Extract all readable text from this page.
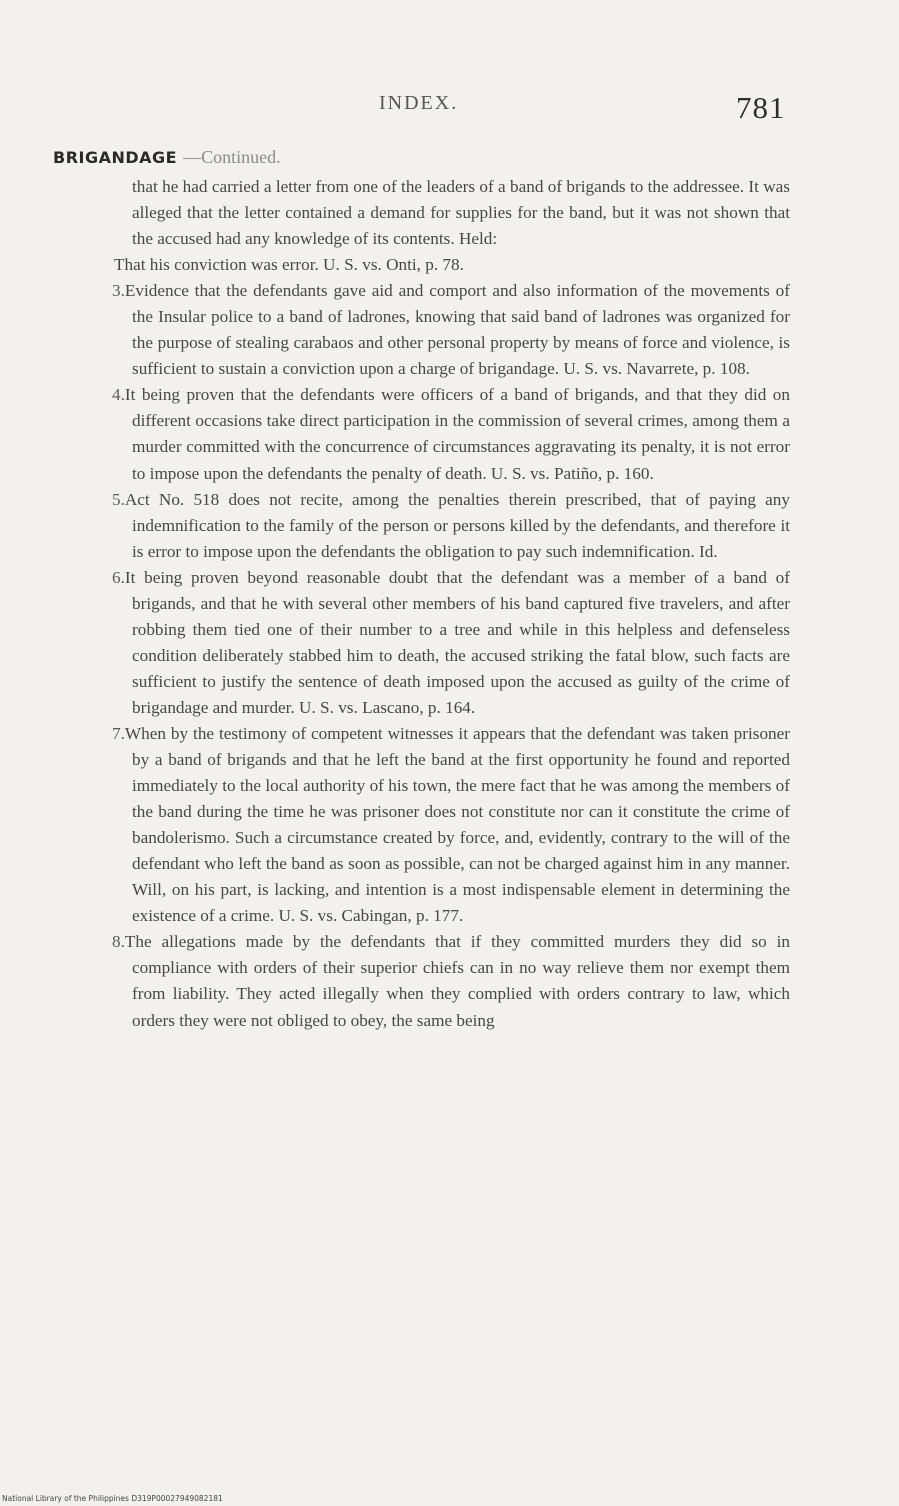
INDEX.	781
BRIGANDAGE —Continued.

that he had carried a letter from one of the leaders of a band of brigands to the addressee. It was alleged that the letter contained a demand for supplies for the band, but it was not shown that the accused had any knowledge of its contents. Held:

That his conviction was error. U. S. vs. Onti, p. 78.

3.Evidence that the defendants gave aid and comport and also information of the movements of the Insular police to a band of ladrones, knowing that said band of ladrones was organized for the purpose of stealing carabaos and other personal property by means of force and violence, is sufficient to sustain a conviction upon a charge of brigandage. U. S. vs. Navarrete, p. 108.

4.It being proven that the defendants were officers of a band of brigands, and that they did on different occasions take direct participation in the commission of several crimes, among them a murder committed with the concurrence of circumstances aggravating its penalty, it is not error to impose upon the defendants the penalty of death. U. S. vs. Patiño, p. 160.

5.Act No. 518 does not recite, among the penalties therein prescribed, that of paying any indemnification to the family of the person or persons killed by the defendants, and therefore it is error to impose upon the defendants the obligation to pay such indemnification. Id.

6.It being proven beyond reasonable doubt that the defendant was a member of a band of brigands, and that he with several other members of his band captured five travelers, and after robbing them tied one of their number to a tree and while in this helpless and defenseless condition deliberately stabbed him to death, the accused striking the fatal blow, such facts are sufficient to justify the sentence of death imposed upon the accused as guilty of the crime of brigandage and murder. U. S. vs. Lascano, p. 164.

7.When by the testimony of competent witnesses it appears that the defendant was taken prisoner by a band of brigands and that he left the band at the first opportunity he found and reported immediately to the local authority of his town, the mere fact that he was among the members of the band during the time he was prisoner does not constitute nor can it constitute the crime of bandolerismo. Such a circumstance created by force, and, evidently, contrary to the will of the defendant who left the band as soon as possible, can not be charged against him in any manner. Will, on his part, is lacking, and intention is a most indispensable element in determining the existence of a crime. U. S. vs. Cabingan, p. 177.

8.The allegations made by the defendants that if they committed murders they did so in compliance with orders of their superior chiefs can in no way relieve them nor exempt them from liability. They acted illegally when they complied with orders contrary to law, which orders they were not obliged to obey, the same being

National Library of the Philippines D319P00027949082181
